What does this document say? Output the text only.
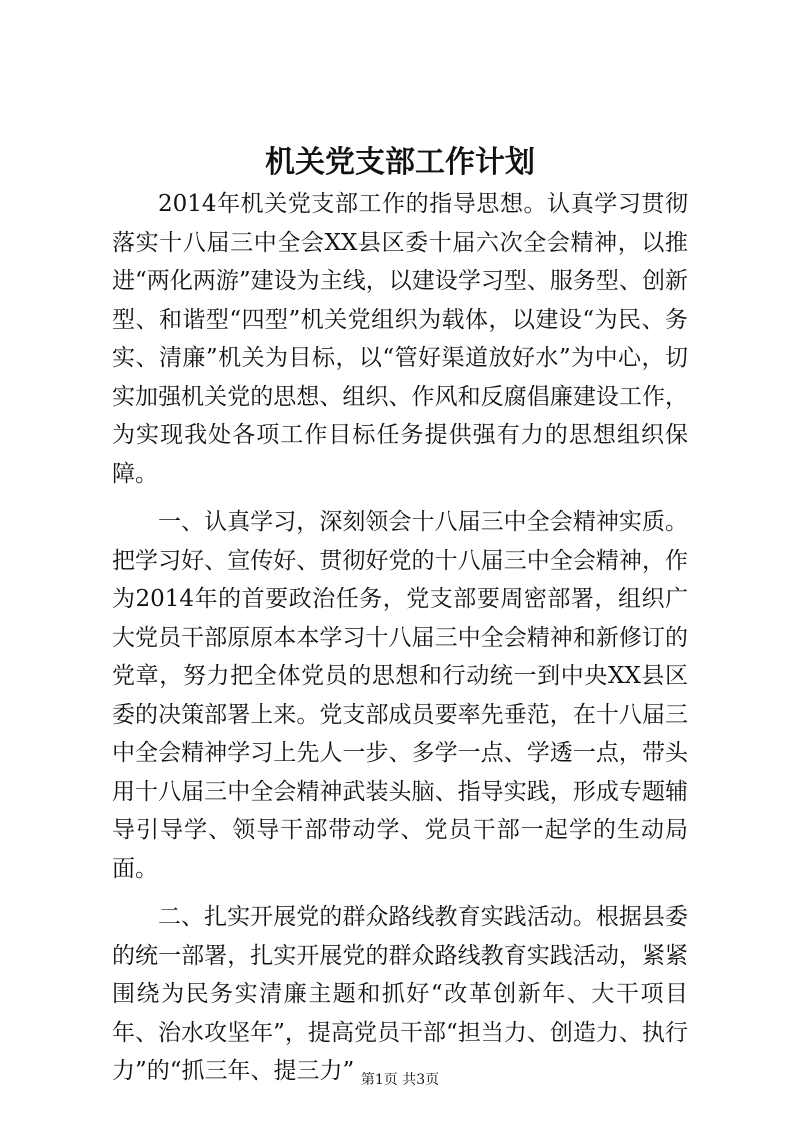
机关党支部工作计划

2014年机关党支部工作的指导思想。认真学习贯彻落实十八届三中全会XX县区委十届六次全会精神，以推进“两化两游”建设为主线，以建设学习型、服务型、创新型、和谐型“四型”机关党组织为载体，以建设“为民、务实、清廉”机关为目标，以“管好渠道放好水”为中心，切实加强机关党的思想、组织、作风和反腐倡廉建设工作，为实现我处各项工作目标任务提供强有力的思想组织保障。

一、认真学习，深刻领会十八届三中全会精神实质。把学习好、宣传好、贯彻好党的十八届三中全会精神，作为2014年的首要政治任务，党支部要周密部署，组织广大党员干部原原本本学习十八届三中全会精神和新修订的党章，努力把全体党员的思想和行动统一到中央XX县区委的决策部署上来。党支部成员要率先垂范，在十八届三中全会精神学习上先人一步、多学一点、学透一点，带头用十八届三中全会精神武装头脑、指导实践，形成专题辅导引导学、领导干部带动学、党员干部一起学的生动局面。

二、扎实开展党的群众路线教育实践活动。根据县委的统一部署，扎实开展党的群众路线教育实践活动，紧紧围绕为民务实清廉主题和抓好“改革创新年、大干项目年、治水攻坚年”，提高党员干部“担当力、创造力、执行力”的“抓三年、提三力” 第1页 共3页
